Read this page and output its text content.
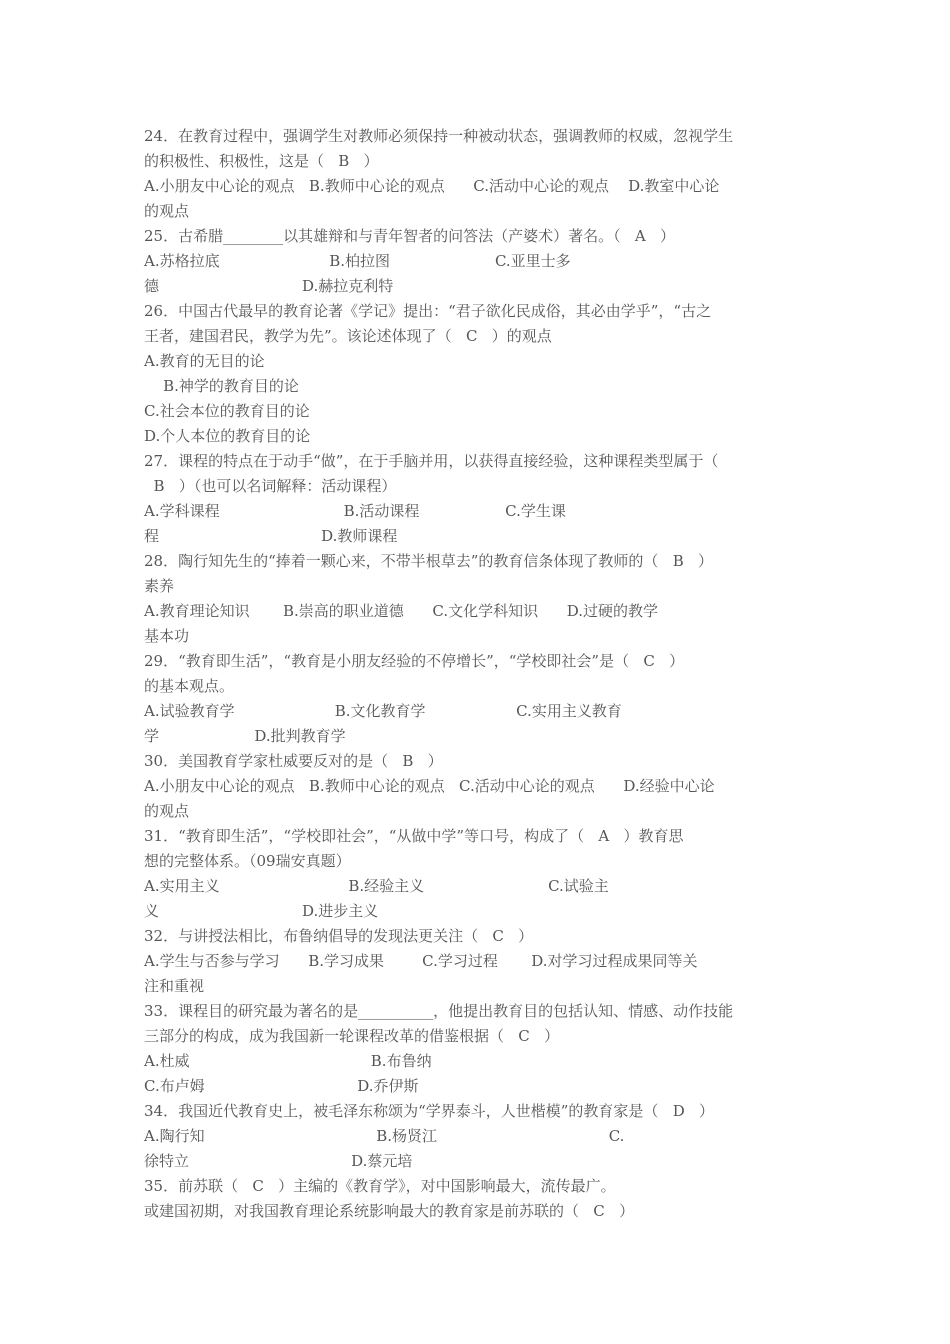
24．在教育过程中，强调学生对教师必须保持一种被动状态，强调教师的权威，忽视学生
的积极性、积极性，这是（   B   ）
A.小朋友中心论的观点   B.教师中心论的观点      C.活动中心论的观点    D.教室中心论
的观点
25．古希腊________以其雄辩和与青年智者的问答法（产婆术）著名。（   A   ）
A.苏格拉底                       B.柏拉图                      C.亚里士多
德                              D.赫拉克利特
26．中国古代最早的教育论著《学记》提出：“君子欲化民成俗，其必由学乎”，“古之
王者，建国君民，教学为先”。该论述体现了（   C   ）的观点
A.教育的无目的论
B.神学的教育目的论
C.社会本位的教育目的论
D.个人本位的教育目的论
27．课程的特点在于动手“做”，在于手脑并用，以获得直接经验，这种课程类型属于（
B   ）（也可以名词解释：活动课程）
A.学科课程                          B.活动课程                  C.学生课
程                                  D.教师课程
28．陶行知先生的“捧着一颗心来，不带半根草去”的教育信条体现了教师的（   B   ）
素养
A.教育理论知识       B.崇高的职业道德      C.文化学科知识      D.过硬的教学
基本功
29．“教育即生活”，“教育是小朋友经验的不停增长”，“学校即社会”是（   C   ）
的基本观点。
A.试验教育学                     B.文化教育学                   C.实用主义教育
学                    D.批判教育学
30．美国教育学家杜威要反对的是（   B   ）
A.小朋友中心论的观点   B.教师中心论的观点   C.活动中心论的观点      D.经验中心论
的观点
31．“教育即生活”，“学校即社会”，“从做中学”等口号，构成了（   A   ）教育思
想的完整体系。（09瑞安真题）
A.实用主义                           B.经验主义                          C.试验主
义                              D.进步主义
32．与讲授法相比，布鲁纳倡导的发现法更关注（   C   ）
A.学生与否参与学习      B.学习成果        C.学习过程       D.对学习过程成果同等关
注和重视
33．课程目的研究最为著名的是__________，他提出教育目的包括认知、情感、动作技能
三部分的构成，成为我国新一轮课程改革的借鉴根据（   C   ）
A.杜威                                      B.布鲁纳
C.布卢姆                                D.乔伊斯
34．我国近代教育史上，被毛泽东称颂为“学界泰斗，人世楷模”的教育家是（   D   ）
A.陶行知                                    B.杨贤江                                    C.
徐特立                                  D.蔡元培
35．前苏联（   C   ）主编的《教育学》，对中国影响最大，流传最广。
或建国初期，对我国教育理论系统影响最大的教育家是前苏联的（   C   ）
